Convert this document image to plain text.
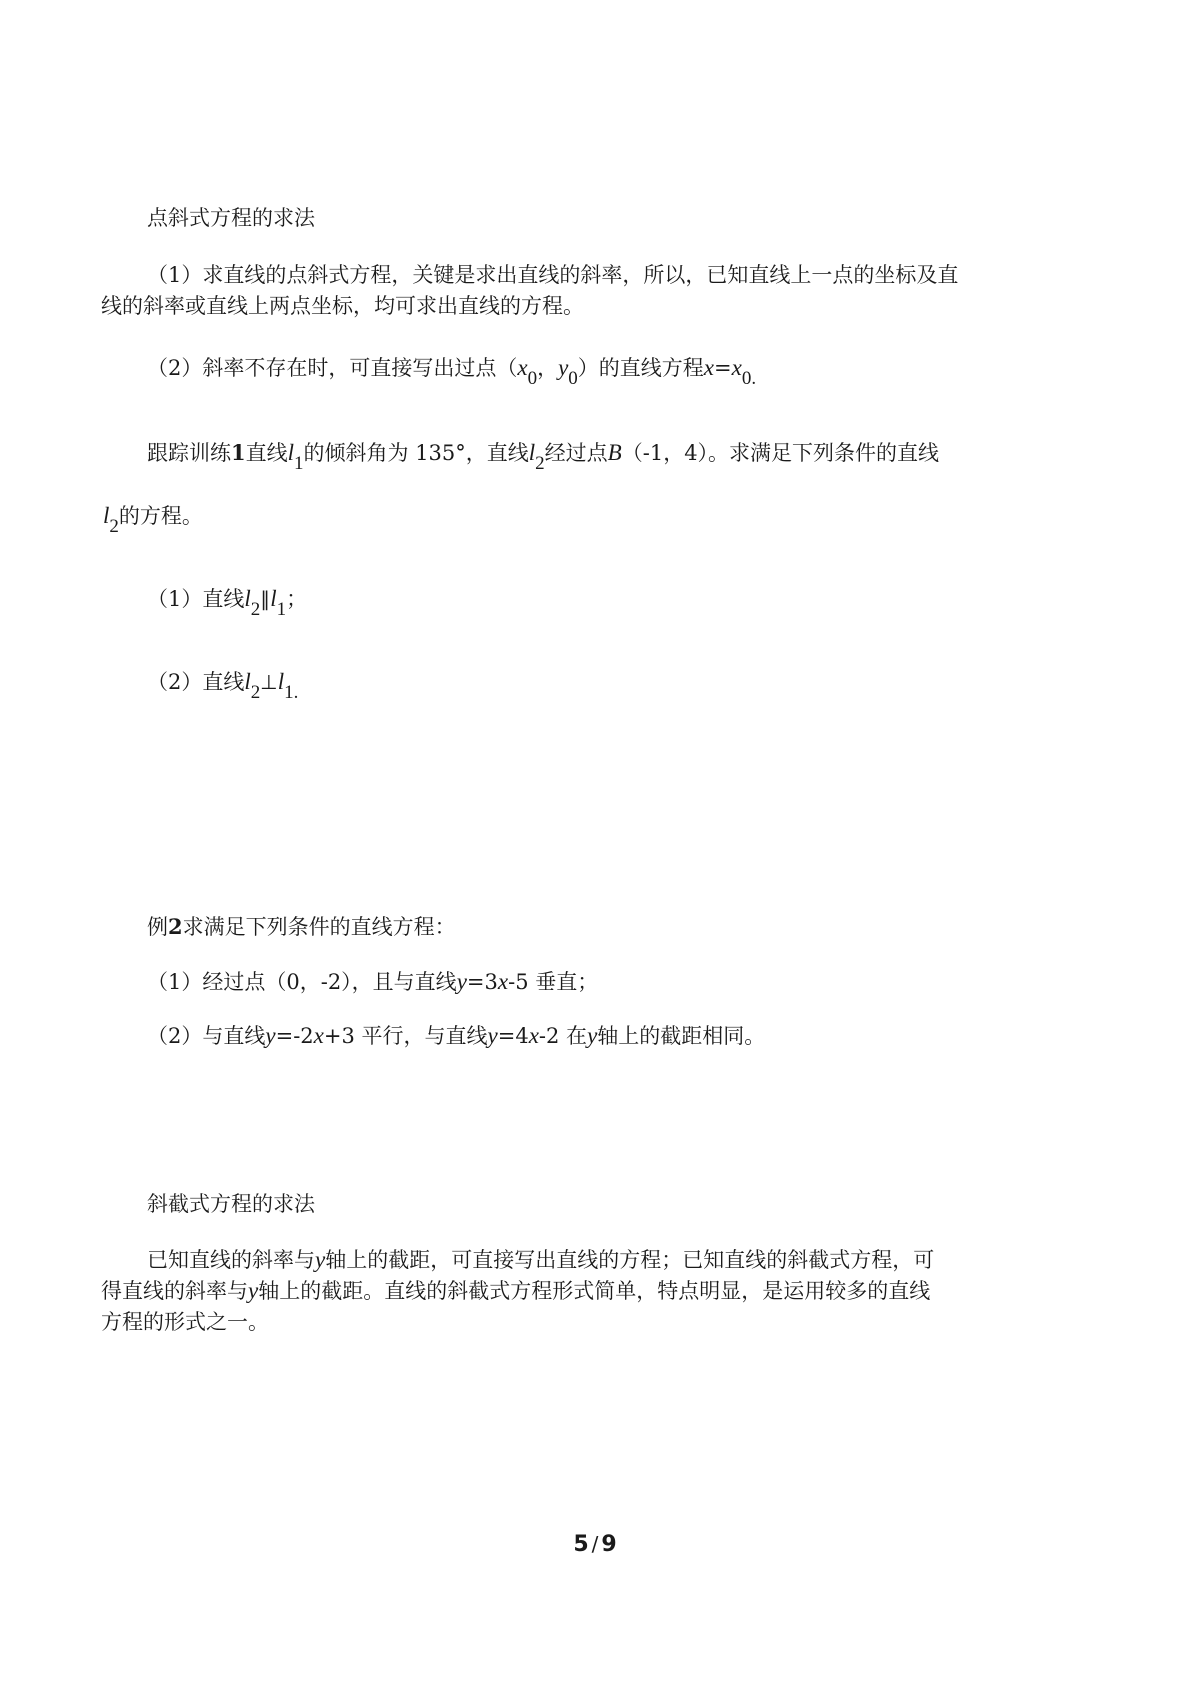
点斜式方程的求法
（1）求直线的点斜式方程，关键是求出直线的斜率，所以，已知直线上一点的坐标及直
线的斜率或直线上两点坐标，均可求出直线的方程。
（2）斜率不存在时，可直接写出过点（x0，y0）的直线方程x=x0.
跟踪训练1直线l1的倾斜角为 135°，直线l2经过点B（-1，4）。求满足下列条件的直线
l2的方程。
（1）直线l2∥l1；
（2）直线l2⊥l1.
例2求满足下列条件的直线方程：
（1）经过点（0，-2），且与直线y=3x-5 垂直；
（2）与直线y=-2x+3 平行，与直线y=4x-2 在y轴上的截距相同。
斜截式方程的求法
已知直线的斜率与y轴上的截距，可直接写出直线的方程；已知直线的斜截式方程，可
得直线的斜率与y轴上的截距。直线的斜截式方程形式简单，特点明显，是运用较多的直线
方程的形式之一。
5 /9
